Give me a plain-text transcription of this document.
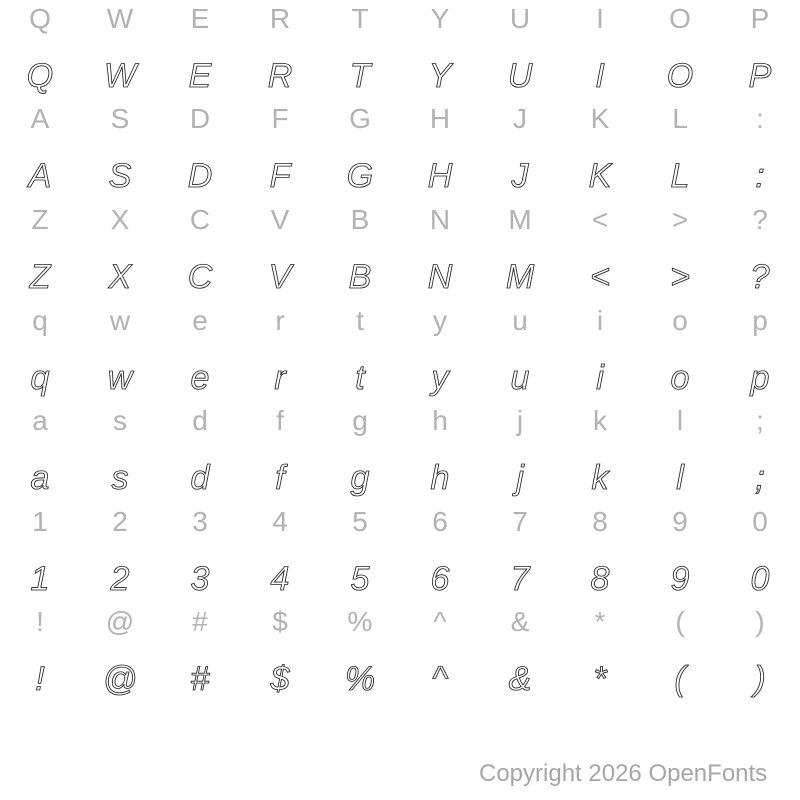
Q W E R T Y U I O P
Q W E R T Y U I O P
A S D F G H J K L :
A S D F G H J K L :
Z X C V B N M < > ?
Z X C V B N M < > ?
q w e r	t y u i o p
q w e r t y u i o p
a s d f g h j k l	;
a s d f g h j k l ;
1 2 3 4 5 6 7 8 9 0
1 2 3 4 5 6 7 8 9 0
! @ # $ % ^ & * (	)
! @ # $ % ^ & * ( )
Copyright 2026 OpenFonts
